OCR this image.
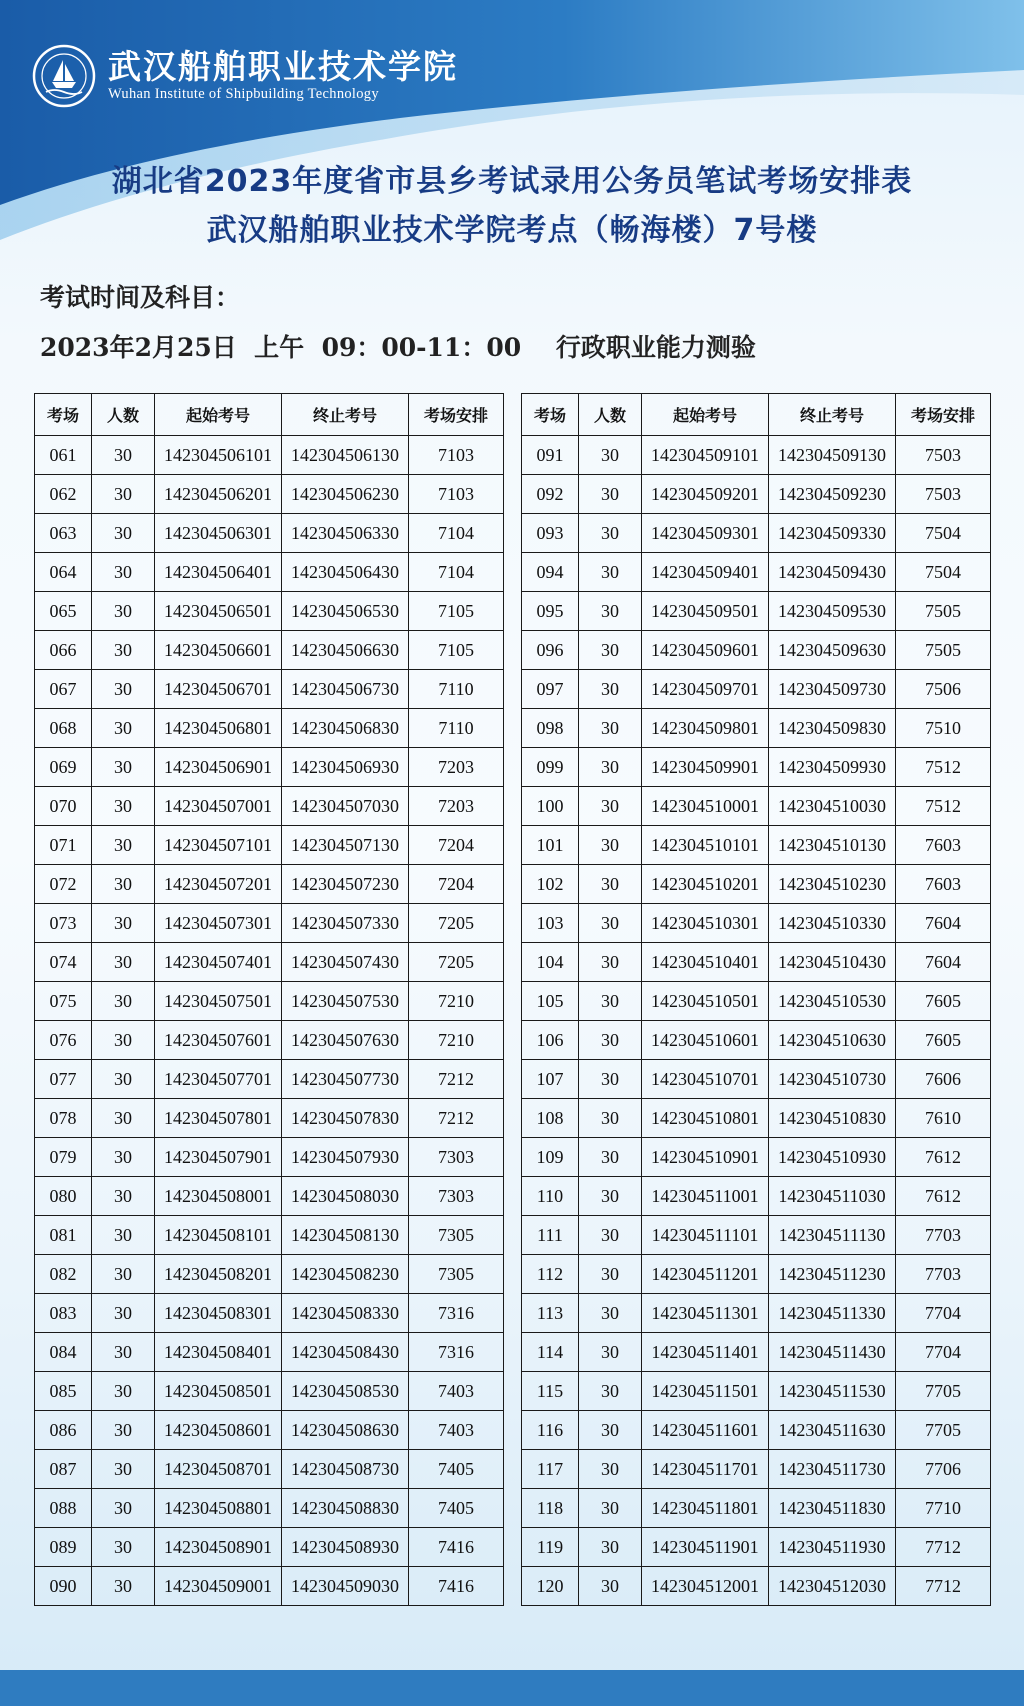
武汉船舶职业技术学院
Wuhan Institute of Shipbuilding Technology
湖北省2023年度省市县乡考试录用公务员笔试考场安排表
武汉船舶职业技术学院考点（畅海楼）7号楼
考试时间及科目：
2023年2月25日  上午  09：00-11：00    行政职业能力测验
考场	人数	起始考号	终止考号	考场安排
061	30	142304506101	142304506130	7103
062	30	142304506201	142304506230	7103
063	30	142304506301	142304506330	7104
064	30	142304506401	142304506430	7104
065	30	142304506501	142304506530	7105
066	30	142304506601	142304506630	7105
067	30	142304506701	142304506730	7110
068	30	142304506801	142304506830	7110
069	30	142304506901	142304506930	7203
070	30	142304507001	142304507030	7203
071	30	142304507101	142304507130	7204
072	30	142304507201	142304507230	7204
073	30	142304507301	142304507330	7205
074	30	142304507401	142304507430	7205
075	30	142304507501	142304507530	7210
076	30	142304507601	142304507630	7210
077	30	142304507701	142304507730	7212
078	30	142304507801	142304507830	7212
079	30	142304507901	142304507930	7303
080	30	142304508001	142304508030	7303
081	30	142304508101	142304508130	7305
082	30	142304508201	142304508230	7305
083	30	142304508301	142304508330	7316
084	30	142304508401	142304508430	7316
085	30	142304508501	142304508530	7403
086	30	142304508601	142304508630	7403
087	30	142304508701	142304508730	7405
088	30	142304508801	142304508830	7405
089	30	142304508901	142304508930	7416
090	30	142304509001	142304509030	7416
考场	人数	起始考号	终止考号	考场安排
091	30	142304509101	142304509130	7503
092	30	142304509201	142304509230	7503
093	30	142304509301	142304509330	7504
094	30	142304509401	142304509430	7504
095	30	142304509501	142304509530	7505
096	30	142304509601	142304509630	7505
097	30	142304509701	142304509730	7506
098	30	142304509801	142304509830	7510
099	30	142304509901	142304509930	7512
100	30	142304510001	142304510030	7512
101	30	142304510101	142304510130	7603
102	30	142304510201	142304510230	7603
103	30	142304510301	142304510330	7604
104	30	142304510401	142304510430	7604
105	30	142304510501	142304510530	7605
106	30	142304510601	142304510630	7605
107	30	142304510701	142304510730	7606
108	30	142304510801	142304510830	7610
109	30	142304510901	142304510930	7612
110	30	142304511001	142304511030	7612
111	30	142304511101	142304511130	7703
112	30	142304511201	142304511230	7703
113	30	142304511301	142304511330	7704
114	30	142304511401	142304511430	7704
115	30	142304511501	142304511530	7705
116	30	142304511601	142304511630	7705
117	30	142304511701	142304511730	7706
118	30	142304511801	142304511830	7710
119	30	142304511901	142304511930	7712
120	30	142304512001	142304512030	7712
